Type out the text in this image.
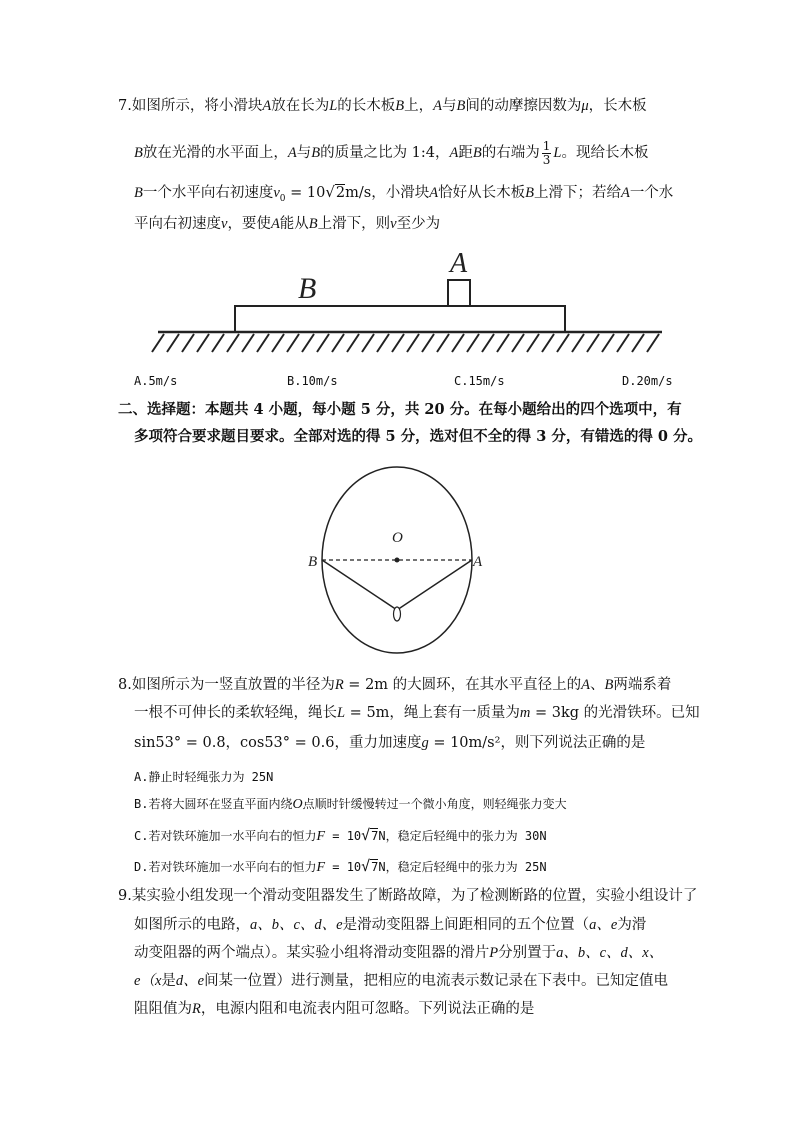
7.如图所示，将小滑块A放在长为L的长木板B上，A与B间的动摩擦因数为μ，长木板
B放在光滑的水平面上，A与B的质量之比为 1:4，A距B的右端为 $\frac{1}{3}$ L。现给长木板
B一个水平向右初速度$v_0 = 10√2m/s$，小滑块A恰好从长木板B上滑下；若给A一个水
平向右初速度v，要使A能从B上滑下，则v至少为
A
B
A.5m/s	B.10m/s	C.15m/s	D.20m/s
二、选择题：本题共 4 小题，每小题 5 分，共 20 分。在每小题给出的四个选项中，有
多项符合要求题目要求。全部对选的得 5 分，选对但不全的得 3 分，有错选的得 0 分。
O
B	A
8.如图所示为一竖直放置的半径为R = 2m 的大圆环，在其水平直径上的A、B两端系着
一根不可伸长的柔软轻绳，绳长L = 5m，绳上套有一质量为m = 3kg 的光滑铁环。已知
sin53° = 0.8，cos53° = 0.6，重力加速度g = 10m/s²，则下列说法正确的是
A.静止时轻绳张力为 25N
B.若将大圆环在竖直平面内绕O点顺时针缓慢转过一个微小角度，则轻绳张力变大
C.若对铁环施加一水平向右的恒力F = 10√7N，稳定后轻绳中的张力为 30N
D.若对铁环施加一水平向右的恒力F = 10√7N，稳定后轻绳中的张力为 25N
9.某实验小组发现一个滑动变阻器发生了断路故障，为了检测断路的位置，实验小组设计了
如图所示的电路，a、b、c、d、e是滑动变阻器上间距相同的五个位置（a、e为滑
动变阻器的两个端点）。某实验小组将滑动变阻器的滑片P分别置于a、b、c、d、x、
e（x是d、e间某一位置）进行测量，把相应的电流表示数记录在下表中。已知定值电
阻阻值为R，电源内阻和电流表内阻可忽略。下列说法正确的是
